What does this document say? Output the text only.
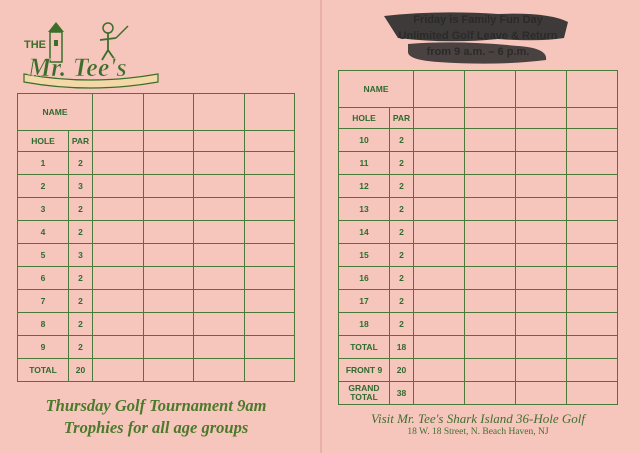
THE
Mr. Tee's
Friday is Family Fun Day
Unlimited Golf Leave & Return
from 9 a.m. – 6 p.m.
NAME					
HOLE	PAR				
1	2				
2	3				
3	2				
4	2				
5	3				
6	2				
7	2				
8	2				
9	2				
TOTAL	20				
Thursday Golf Tournament 9am
Trophies for all age groups
NAME					
HOLE	PAR				
10	2				
11	2				
12	2				
13	2				
14	2				
15	2				
16	2				
17	2				
18	2				
TOTAL	18				
FRONT 9	20				
GRAND
TOTAL	38				
Visit Mr. Tee's Shark Island 36-Hole Golf
18 W. 18 Street, N. Beach Haven, NJ
